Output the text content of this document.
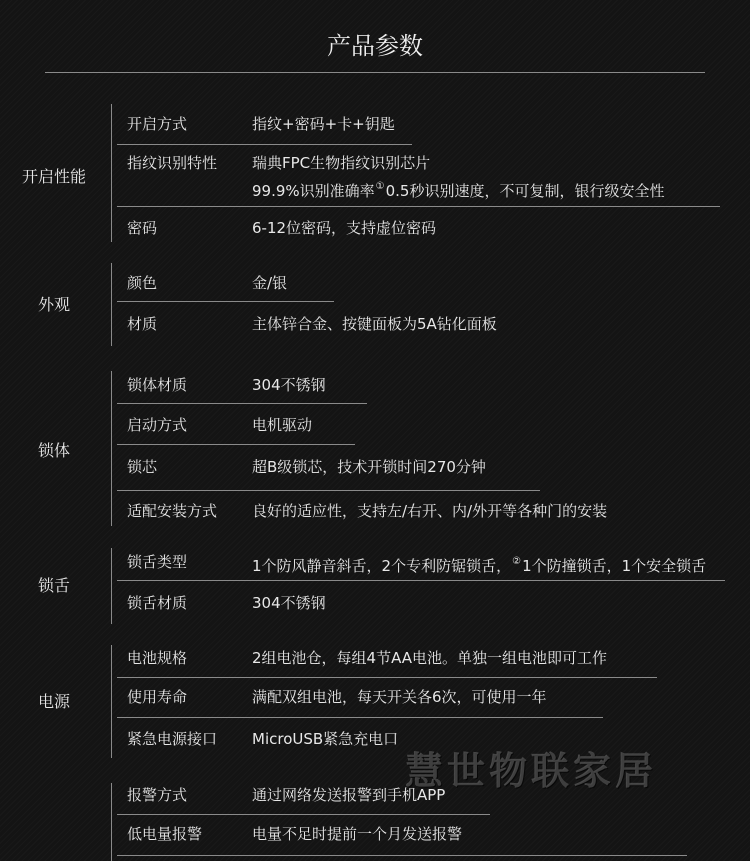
产品参数
开启性能
开启方式	指纹+密码+卡+钥匙
指纹识别特性 瑞典FPC生物指纹识别芯片
99.9%识别准确率①0.5秒识别速度，不可复制，银行级安全性
密码	6-12位密码，支持虚位密码
外观
颜色	金/银
材质	主体锌合金、按键面板为5A钻化面板
锁体
锁体材质	304不锈钢
启动方式	电机驱动
锁芯	超B级锁芯，技术开锁时间270分钟
适配安装方式 良好的适应性，支持左/右开、内/外开等各种门的安装
锁舌
锁舌类型	1个防风静音斜舌，2个专利防锯锁舌，②1个防撞锁舌，1个安全锁舌
锁舌材质	304不锈钢
电源
电池规格	2组电池仓，每组4节AA电池。单独一组电池即可工作
使用寿命	满配双组电池，每天开关各6次，可使用一年
紧急电源接口 MicroUSB紧急充电口
报警方式	通过网络发送报警到手机APP
低电量报警	电量不足时提前一个月发送报警
慧世物联家居
